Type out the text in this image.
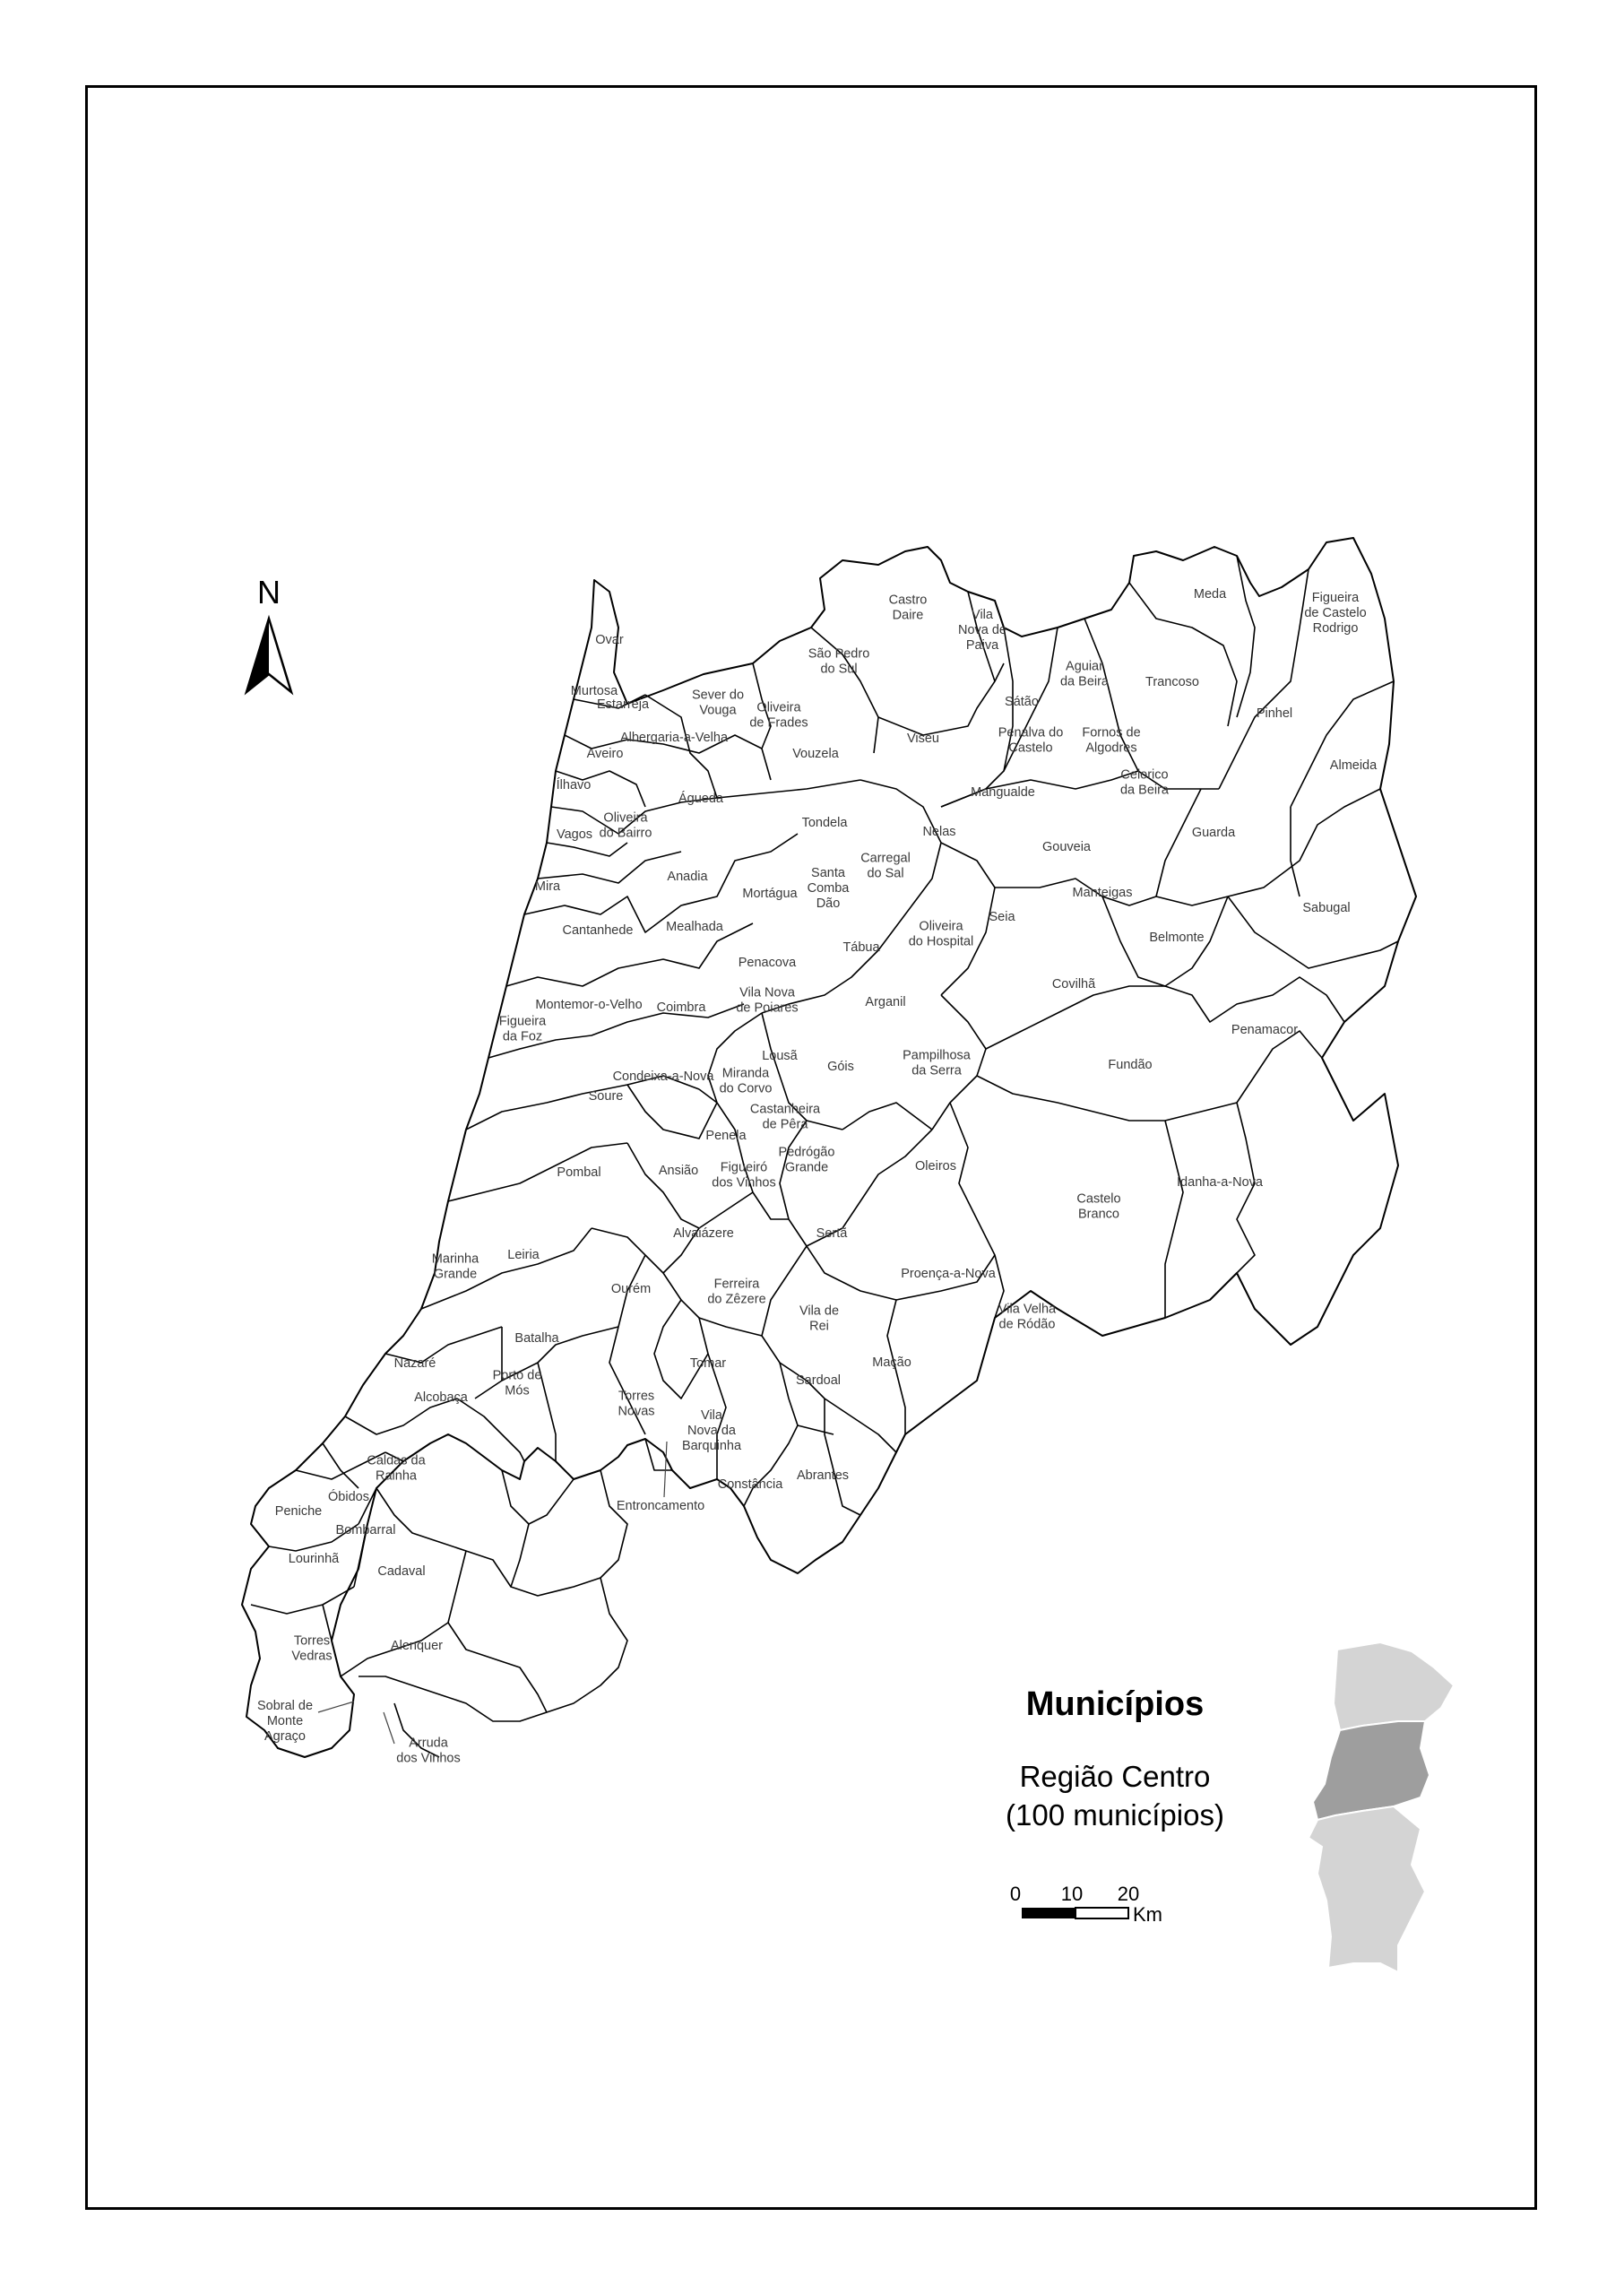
Ovar
Murtosa
Estarreja
Sever do Vouga	Oliveira de Frades
São Pedro do Sul
Castro Daire	Vila Nova de Paiva
Meda	Figueira de Castelo Rodrigo
Aguiar da Beira
Sátão
Trancoso
Albergaria-a-Velha
Aveiro	Vouzela
Viseu	Penalva do Castelo
Fornos de Algodres
Pinhel
Almeida
Celorico da Beira
Ílhavo
Águeda
Tondela
Mangualde
Vagos
Oliveira do Bairro	Nelas
Gouveia
Guarda
Mira
Anadia
Carregal do Sal
Mortágua
Santa Comba Dão
Manteigas
Seia
Sabugal
Cantanhede	Mealhada
Tábua
Oliveira do Hospital	Belmonte
Penacova
Covilhã
Montemor-o-Velho Coimbra
Vila Nova de Poiares	Arganil
Figueira da Foz
Lousã
Góis
Pampilhosa da Serra	Fundão
Penamacor
Condeixa-a-Nova Miranda do Corvo
Soure
Castanheira de Pêra
Penela
Pedrógão Grande
Ansião	Figueiró dos Vinhos
Oleiros
Castelo Branco
Idanha-a-Nova
Pombal
Alvaiázere	Sertã
Leiria
Marinha Grande
Ourém	Ferreira do Zêzere
Proença-a-Nova
Vila de Rei
Vila Velha de Ródão
Batalha
Nazaré
Porto de Mós
Alcobaça
Tomar
Sardoal
Mação
Torres Novas	Vila Nova da Barquinha
Constância
Abrantes
Entroncamento
Caldas da Rainha
Óbidos
Peniche
Bombarral
Lourinhã
Cadaval
Torres Vedras
Alenquer
Sobral de Monte Agraço	Arruda dos Vinhos
N
Municípios
Região Centro
(100 municípios)
0 10 20
Km
